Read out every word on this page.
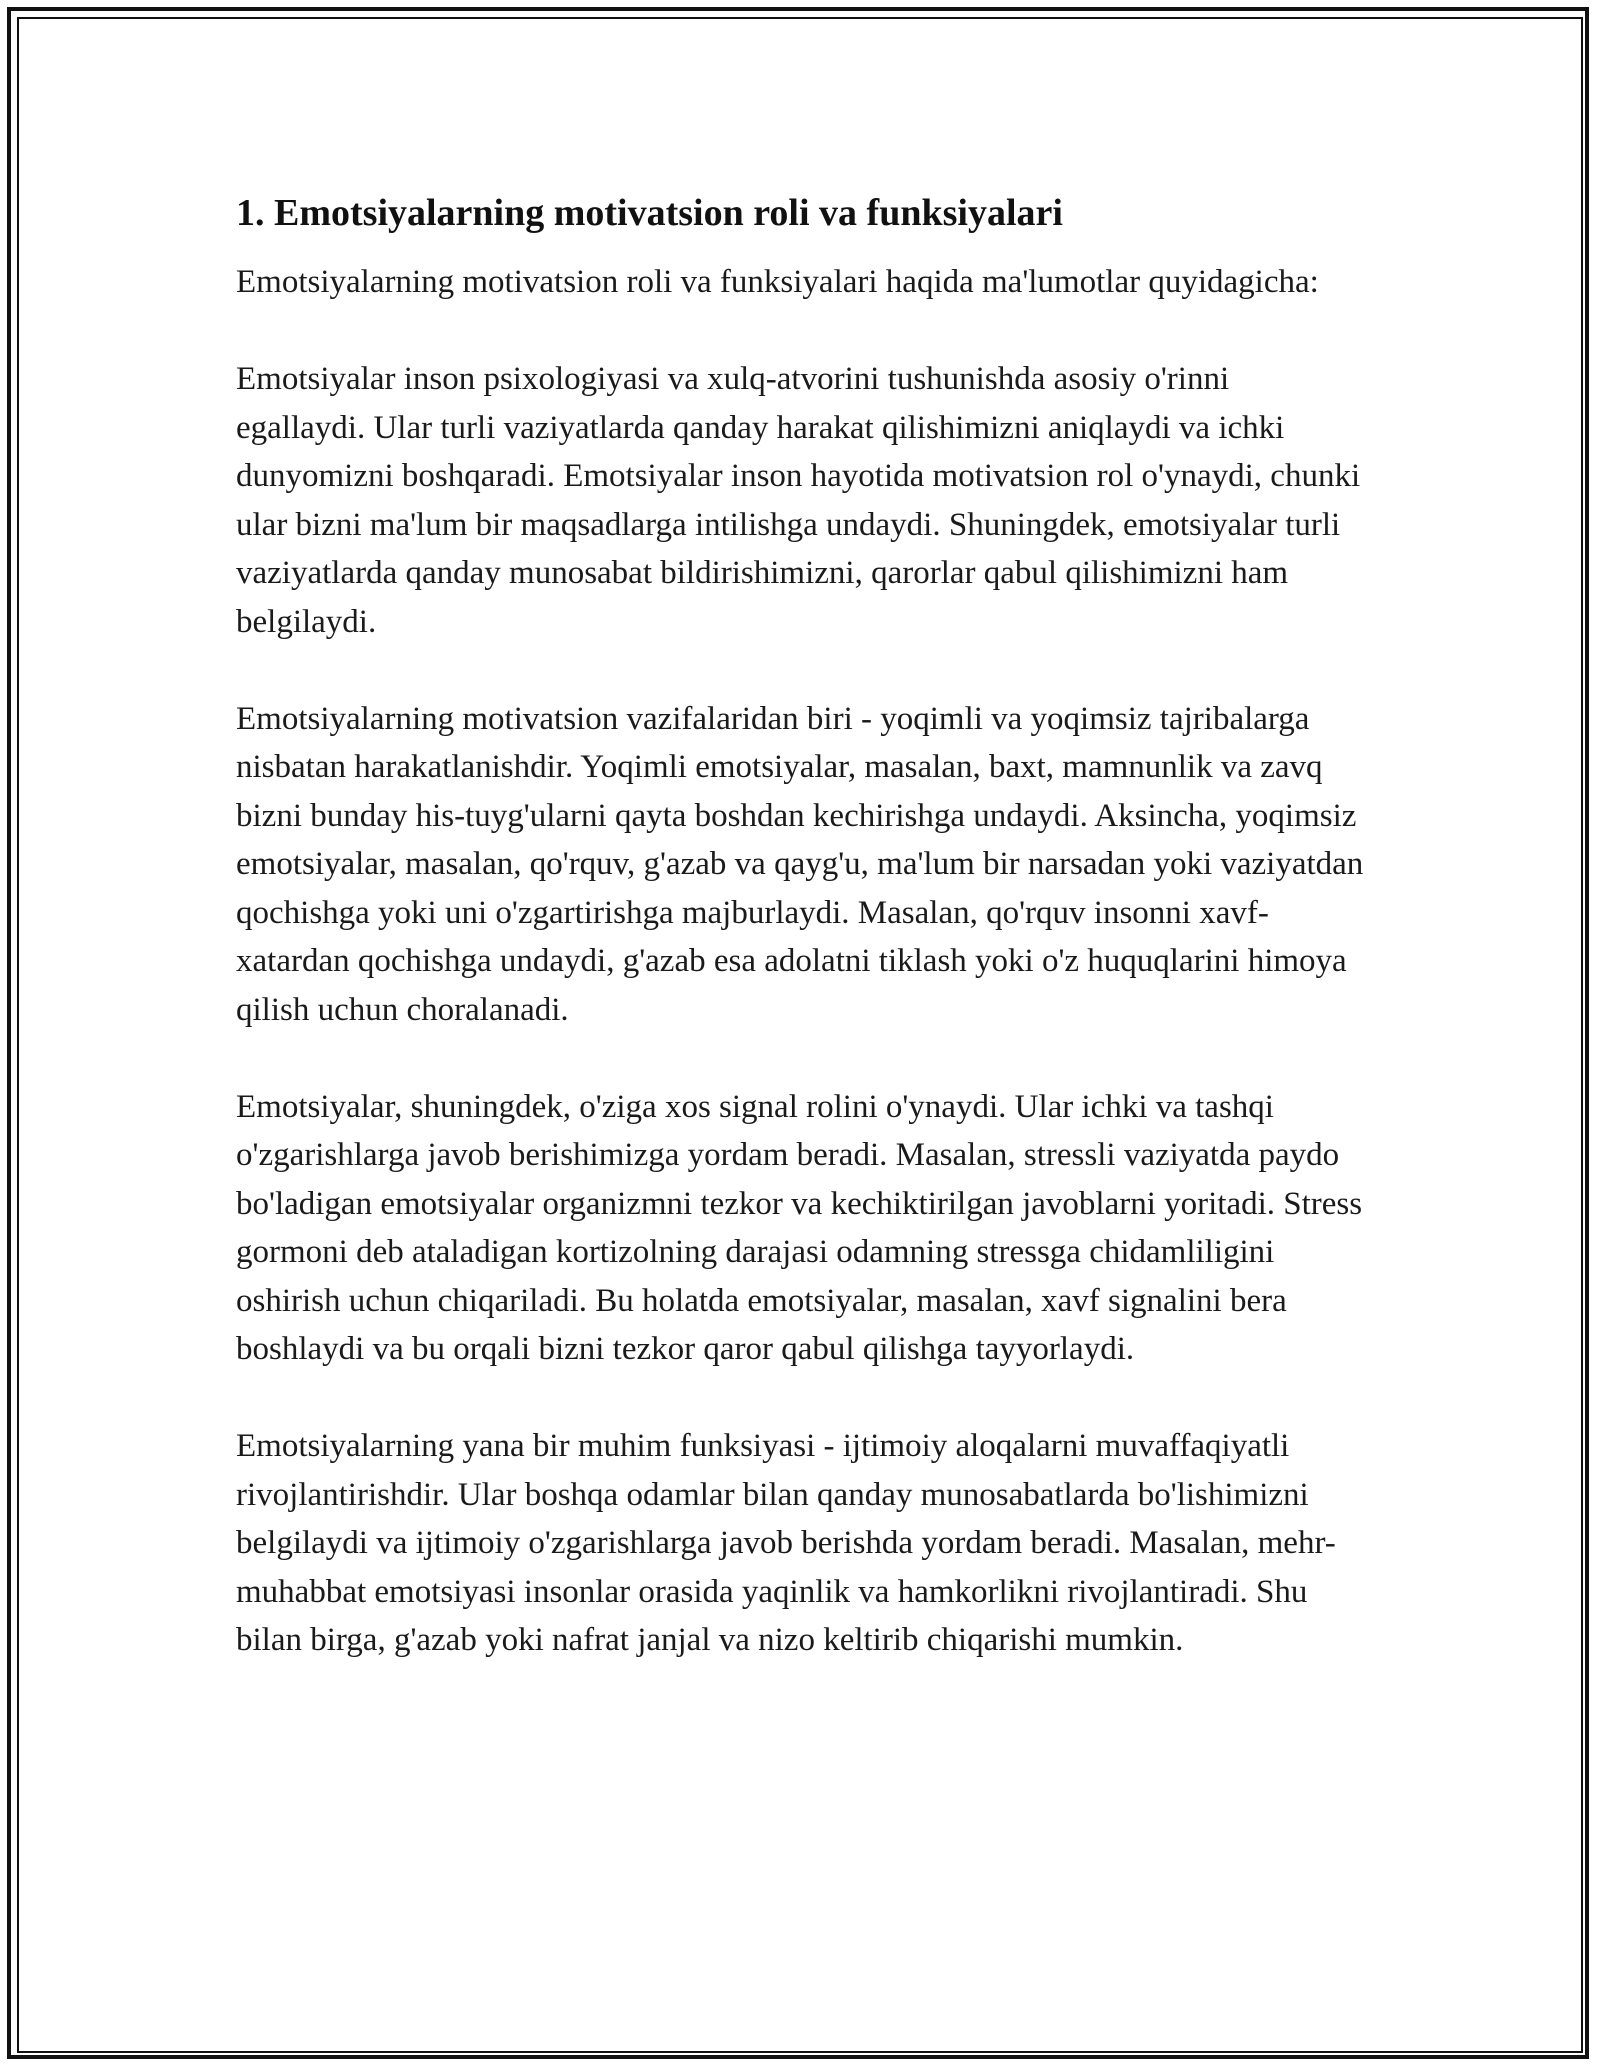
1. Emotsiyalarning motivatsion roli va funksiyalari

Emotsiyalarning motivatsion roli va funksiyalari haqida ma'lumotlar quyidagicha:

Emotsiyalar inson psixologiyasi va xulq-atvorini tushunishda asosiy o'rinni egallaydi. Ular turli vaziyatlarda qanday harakat qilishimizni aniqlaydi va ichki dunyomizni boshqaradi. Emotsiyalar inson hayotida motivatsion rol o'ynaydi, chunki ular bizni ma'lum bir maqsadlarga intilishga undaydi. Shuningdek, emotsiyalar turli vaziyatlarda qanday munosabat bildirishimizni, qarorlar qabul qilishimizni ham belgilaydi.

Emotsiyalarning motivatsion vazifalaridan biri - yoqimli va yoqimsiz tajribalarga nisbatan harakatlanishdir. Yoqimli emotsiyalar, masalan, baxt, mamnunlik va zavq bizni bunday his-tuyg'ularni qayta boshdan kechirishga undaydi. Aksincha, yoqimsiz emotsiyalar, masalan, qo'rquv, g'azab va qayg'u, ma'lum bir narsadan yoki vaziyatdan qochishga yoki uni o'zgartirishga majburlaydi. Masalan, qo'rquv insonni xavf-xatardan qochishga undaydi, g'azab esa adolatni tiklash yoki o'z huquqlarini himoya qilish uchun choralanadi.

Emotsiyalar, shuningdek, o'ziga xos signal rolini o'ynaydi. Ular ichki va tashqi o'zgarishlarga javob berishimizga yordam beradi. Masalan, stressli vaziyatda paydo bo'ladigan emotsiyalar organizmni tezkor va kechiktirilgan javoblarni yoritadi. Stress gormoni deb ataladigan kortizolning darajasi odamning stressga chidamliligini oshirish uchun chiqariladi. Bu holatda emotsiyalar, masalan, xavf signalini bera boshlaydi va bu orqali bizni tezkor qaror qabul qilishga tayyorlaydi.

Emotsiyalarning yana bir muhim funksiyasi - ijtimoiy aloqalarni muvaffaqiyatli rivojlantirishdir. Ular boshqa odamlar bilan qanday munosabatlarda bo'lishimizni belgilaydi va ijtimoiy o'zgarishlarga javob berishda yordam beradi. Masalan, mehr-muhabbat emotsiyasi insonlar orasida yaqinlik va hamkorlikni rivojlantiradi. Shu bilan birga, g'azab yoki nafrat janjal va nizo keltirib chiqarishi mumkin.
